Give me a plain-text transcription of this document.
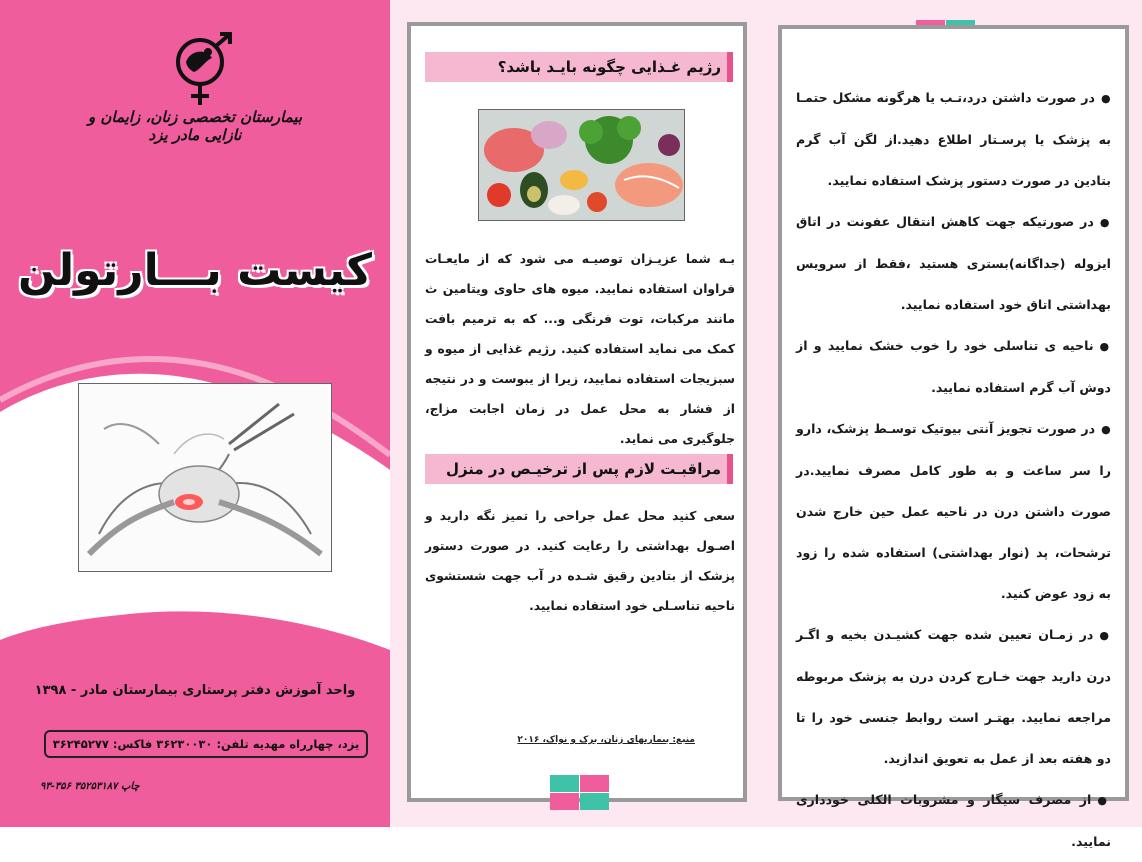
● در صورت داشتن درد،تـب یا هرگونه مشکل حتمـا به پزشک یا پرسـتار اطلاع دهید.از لگن آب گرم بتادین در صورت دستور پزشک استفاده نمایید.
● در صورتیکه جهت کاهش انتقال عفونت در اتاق ایزوله (جداگانه)بستری هستید ،فقط از سرویس بهداشتی اتاق خود استفاده نمایید.
● ناحیه ی تناسلی خود را خوب خشک نمایید و از دوش آب گرم استفاده نمایید.
● در صورت تجویز آنتی بیوتیک توسـط پزشک، دارو را سر ساعت و به طور کامل مصرف نمایید.در صورت داشتن درن در ناحیه عمل حین خارج شدن ترشحات، پد (نوار بهداشتی) استفاده شده را زود به زود عوض کنید.
● در زمـان تعیین شده جهت کشیـدن بخیه و اگـر درن دارید جهت خـارج کردن درن به پزشک مربوطه مراجعه نمایید. بهتـر است روابط جنسی خود را تا دو هفته بعد از عمل به تعویق اندازید.
● از مصرف سیگار و مشروبات الکلی خودداری نمایید.
رژیم غـذایی چگونه بایـد باشد؟
بـه شما عزیـزان توصیـه می شود که از مایعـات فراوان استفاده نمایید. میوه های حاوی ویتامین ث مانند مرکبات، توت فرنگی و... که به ترمیم بافت کمک می نماید استفاده کنید. رژیم غذایی از میوه و سبزیجات استفاده نمایید، زیرا از یبوست و در نتیجه از فشار به محل عمل در زمان اجابت مزاج، جلوگیری می نماید.
مراقبـت لازم پس از ترخیـص در منزل
سعی کنید محل عمل جراحی را تمیز نگه دارید و اصـول بهداشتی را رعایت کنید. در صورت دستور پزشک از بتادین رقیق شـده در آب جهت شستشوی ناحیه تناسـلی خود استفاده نمایید.
منبع: بیماریهای زنان، برک و نواک، ۲۰۱۶
بیمارستان تخصصی زنان، زایمان و نازایی مادر یزد
کیست بـــارتولن
واحد آموزش دفتر پرستاری بیمارستان مادر - ۱۳۹۸
یزد، چهارراه مهدیه تلفن: ۳۶۲۳۰۰۳۰ فاکس: ۳۶۲۴۵۲۷۷
۹۳-۳۵۶ چاپ ۳۵۲۵۳۱۸۷
